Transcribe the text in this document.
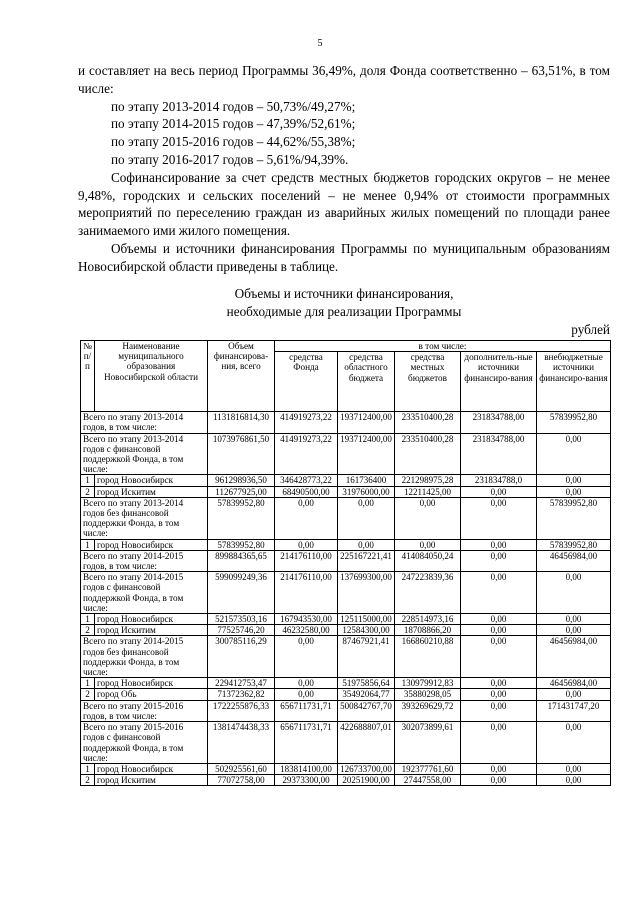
5

и составляет на весь период Программы 36,49%, доля Фонда соответственно – 63,51%, в том числе:

по этапу 2013-2014 годов – 50,73%/49,27%;

по этапу 2014-2015 годов – 47,39%/52,61%;

по этапу 2015-2016 годов – 44,62%/55,38%;

по этапу 2016-2017 годов – 5,61%/94,39%.

Софинансирование за счет средств местных бюджетов городских округов – не менее 9,48%, городских и сельских поселений – не менее 0,94% от стоимости программных мероприятий по переселению граждан из аварийных жилых помещений по площади ранее занимаемого ими жилого помещения.

Объемы и источники финансирования Программы по муниципальным образованиям Новосибирской области приведены в таблице.

Объемы и источники финансирования,
необходимые для реализации Программы
рублей
№ п/п	Наименование муниципального образования Новосибирской области	Объем финансирова-ния, всего	в том числе:				
			средства Фонда	средства областного бюджета	средства местных бюджетов	дополнитель-ные источники финансиро-вания	внебюджетные источники финансиро-вания
Всего по этапу 2013-2014 годов, в том числе:		1131816814,30	414919273,22	193712400,00	233510400,28	231834788,00	57839952,80
Всего по этапу 2013-2014 годов с финансовой поддержкой Фонда, в том числе:		1073976861,50	414919273,22	193712400,00	233510400,28	231834788,00	0,00
1	город Новосибирск	961298936,50	346428773,22	161736400	221298975,28	231834788,0	0,00
2	город Искитим	112677925,00	68490500,00	31976000,00	12211425,00	0,00	0,00
Всего по этапу 2013-2014 годов без финансовой поддержки Фонда, в том числе:		57839952,80	0,00	0,00	0,00	0,00	57839952,80
1	город Новосибирск	57839952,80	0,00	0,00	0,00	0,00	57839952,80
Всего по этапу 2014-2015 годов, в том числе:		899884365,65	214176110,00	225167221,41	414084050,24	0,00	46456984,00
Всего по этапу 2014-2015 годов с финансовой поддержкой Фонда, в том числе:		599099249,36	214176110,00	137699300,00	247223839,36	0,00	0,00
1	город Новосибирск	521573503,16	167943530,00	125115000,00	228514973,16	0,00	0,00
2	город Искитим	77525746,20	46232580,00	12584300,00	18708866,20	0,00	0,00
Всего по этапу 2014-2015 годов без финансовой поддержки Фонда, в том числе:		300785116,29	0,00	87467921,41	166860210,88	0,00	46456984,00
1	город Новосибирск	229412753,47	0,00	51975856,64	130979912,83	0,00	46456984,00
2	город Обь	71372362,82	0,00	35492064,77	35880298,05	0,00	0,00
Всего по этапу 2015-2016 годов, в том числе:		1722255876,33	656711731,71	500842767,70	393269629,72	0,00	171431747,20
Всего по этапу 2015-2016 годов с финансовой поддержкой Фонда, в том числе:		1381474438,33	656711731,71	422688807,01	302073899,61	0,00	0,00
1	город Новосибирск	502925561,60	183814100,00	126733700,00	192377761,60	0,00	0,00
2	город Искитим	77072758,00	29373300,00	20251900,00	27447558,00	0,00	0,00
